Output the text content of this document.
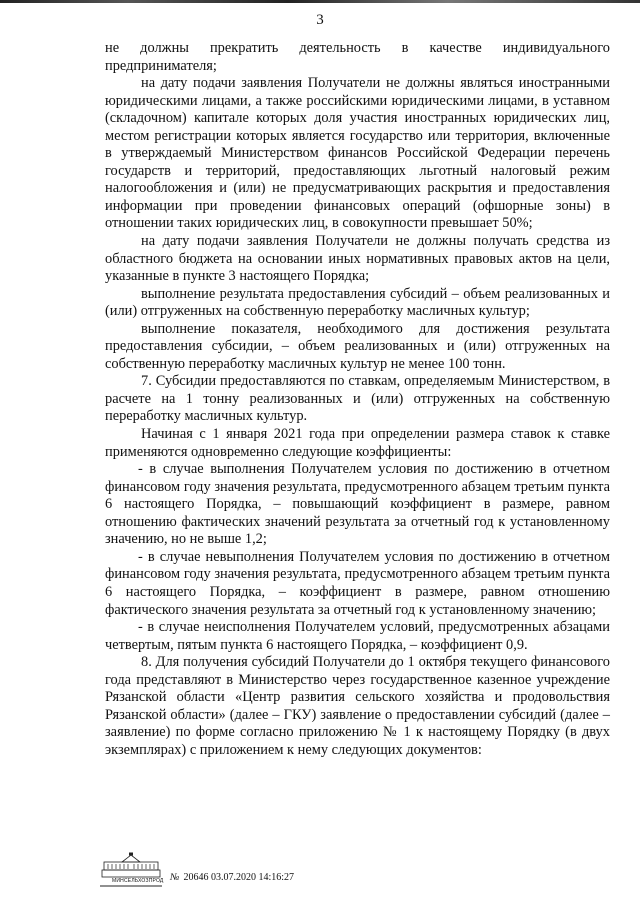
3

не должны прекратить деятельность в качестве индивидуального предпринимателя;

на дату подачи заявления Получатели не должны являться иностранными юридическими лицами, а также российскими юридическими лицами, в уставном (складочном) капитале которых доля участия иностранных юридических лиц, местом регистрации которых является государство или территория, включенные в утверждаемый Министерством финансов Российской Федерации перечень государств и территорий, предоставляющих льготный налоговый режим налогообложения и (или) не предусматривающих раскрытия и предоставления информации при проведении финансовых операций (офшорные зоны) в отношении таких юридических лиц, в совокупности превышает 50%;

на дату подачи заявления Получатели не должны получать средства из областного бюджета на основании иных нормативных правовых актов на цели, указанные в пункте 3 настоящего Порядка;

выполнение результата предоставления субсидий – объем реализованных и (или) отгруженных на собственную переработку масличных культур;

выполнение показателя, необходимого для достижения результата предоставления субсидии, – объем реализованных и (или) отгруженных на собственную переработку масличных культур не менее 100 тонн.

7. Субсидии предоставляются по ставкам, определяемым Министерством, в расчете на 1 тонну реализованных и (или) отгруженных на собственную переработку масличных культур.

Начиная с 1 января 2021 года при определении размера ставок к ставке применяются одновременно следующие коэффициенты:

- в случае выполнения Получателем условия по достижению в отчетном финансовом году значения результата, предусмотренного абзацем третьим пункта 6 настоящего Порядка, – повышающий коэффициент в размере, равном отношению фактических значений результата за отчетный год к установленному значению, но не выше 1,2;

- в случае невыполнения Получателем условия по достижению в отчетном финансовом году значения результата, предусмотренного абзацем третьим пункта 6 настоящего Порядка, – коэффициент в размере, равном отношению фактического значения результата за отчетный год к установленному значению;

- в случае неисполнения Получателем условий, предусмотренных абзацами четвертым, пятым пункта 6 настоящего Порядка, – коэффициент 0,9.

8. Для получения субсидий Получатели до 1 октября текущего финансового года представляют в Министерство через государственное казенное учреждение Рязанской области «Центр развития сельского хозяйства и продовольствия Рязанской области» (далее – ГКУ) заявление о предоставлении субсидий (далее – заявление) по форме согласно приложению № 1 к настоящему Порядку (в двух экземплярах) с приложением к нему следующих документов:

МИНСЕЛЬХОЗПРОД № 20646 03.07.2020 14:16:27
